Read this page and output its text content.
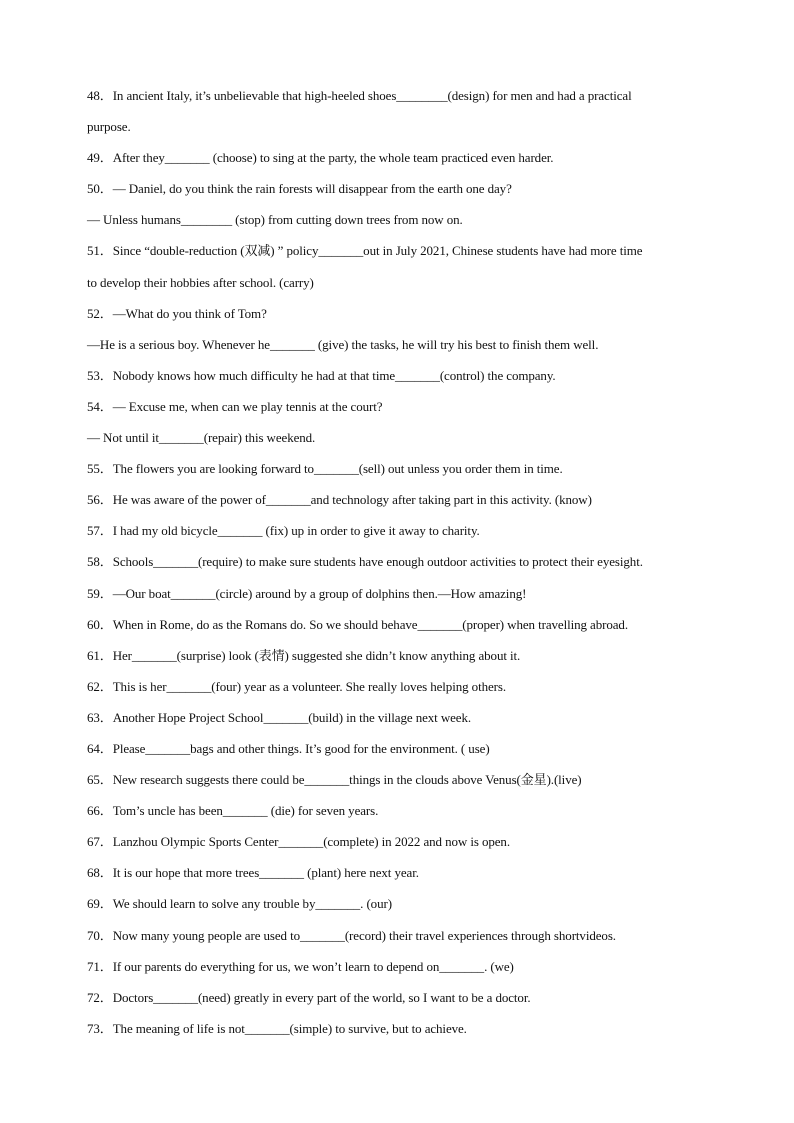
48．In ancient Italy, it’s unbelievable that high-heeled shoes________(design) for men and had a practical
purpose.
49．After they_______ (choose) to sing at the party, the whole team practiced even harder.
50．— Daniel, do you think the rain forests will disappear from the earth one day?
— Unless humans________ (stop) from cutting down trees from now on.
51．Since “double-reduction (双减) ” policy_______out in July 2021, Chinese students have had more time
to develop their hobbies after school. (carry)
52．—What do you think of Tom?
—He is a serious boy. Whenever he_______ (give) the tasks, he will try his best to finish them well.
53．Nobody knows how much difficulty he had at that time_______(control) the company.
54．— Excuse me, when can we play tennis at the court?
— Not until it_______(repair) this weekend.
55．The flowers you are looking forward to_______(sell) out unless you order them in time.
56．He was aware of the power of_______and technology after taking part in this activity. (know)
57．I had my old bicycle_______ (fix) up in order to give it away to charity.
58．Schools_______(require) to make sure students have enough outdoor activities to protect their eyesight.
59．—Our boat_______(circle) around by a group of dolphins then.—How amazing!
60．When in Rome, do as the Romans do. So we should behave_______(proper) when travelling abroad.
61．Her_______(surprise) look (表情) suggested she didn’t know anything about it.
62．This is her_______(four) year as a volunteer. She really loves helping others.
63．Another Hope Project School_______(build) in the village next week.
64．Please_______bags and other things. It’s good for the environment. ( use)
65．New research suggests there could be_______things in the clouds above Venus(金星).(live)
66．Tom’s uncle has been_______ (die) for seven years.
67．Lanzhou Olympic Sports Center_______(complete) in 2022 and now is open.
68．It is our hope that more trees_______ (plant) here next year.
69．We should learn to solve any trouble by_______. (our)
70．Now many young people are used to_______(record) their travel experiences through shortvideos.
71．If our parents do everything for us, we won’t learn to depend on_______. (we)
72．Doctors_______(need) greatly in every part of the world, so I want to be a doctor.
73．The meaning of life is not_______(simple) to survive, but to achieve.
